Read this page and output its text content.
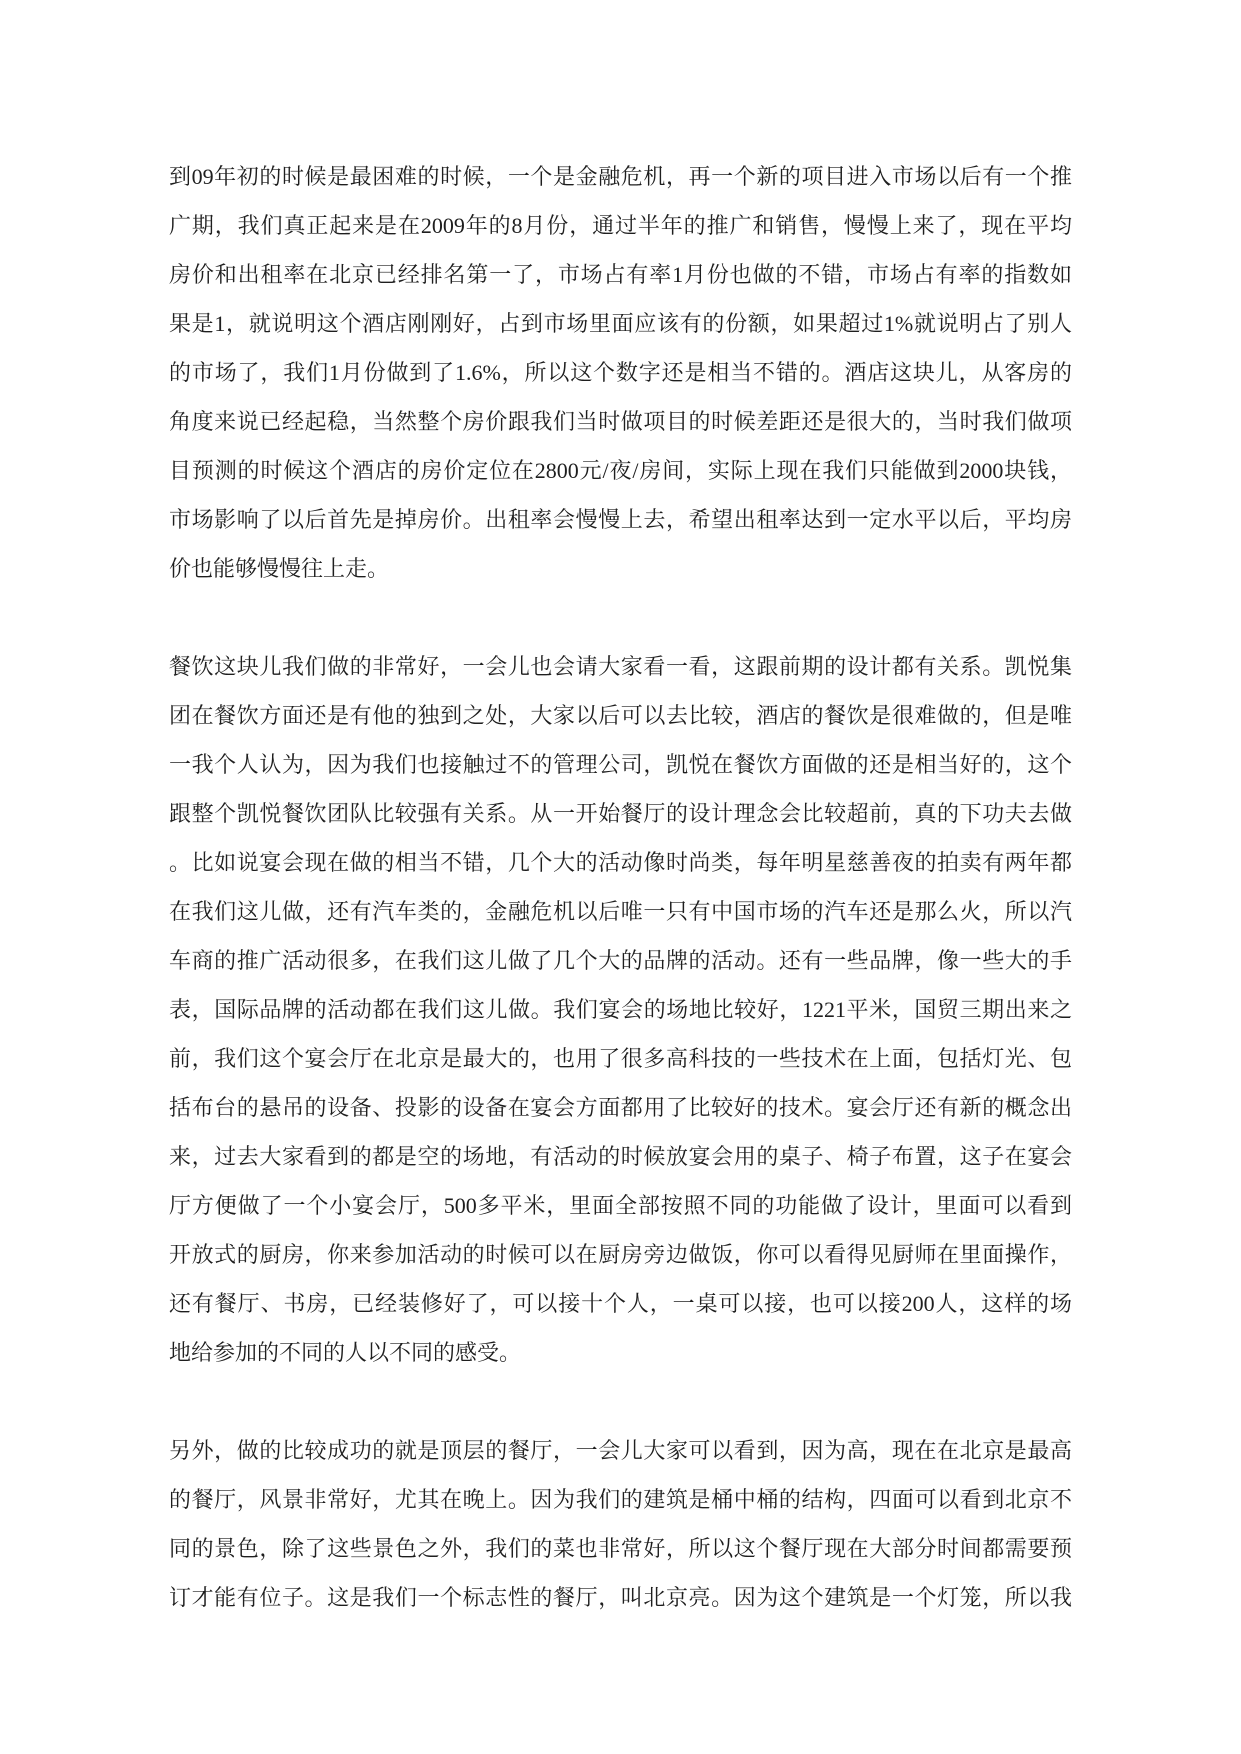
到09年初的时候是最困难的时候，一个是金融危机，再一个新的项目进入市场以后有一个推
广期，我们真正起来是在2009年的8月份，通过半年的推广和销售，慢慢上来了，现在平均
房价和出租率在北京已经排名第一了，市场占有率1月份也做的不错，市场占有率的指数如
果是1，就说明这个酒店刚刚好，占到市场里面应该有的份额，如果超过1%就说明占了别人
的市场了，我们1月份做到了1.6%，所以这个数字还是相当不错的。酒店这块儿，从客房的
角度来说已经起稳，当然整个房价跟我们当时做项目的时候差距还是很大的，当时我们做项
目预测的时候这个酒店的房价定位在2800元/夜/房间，实际上现在我们只能做到2000块钱，
市场影响了以后首先是掉房价。出租率会慢慢上去，希望出租率达到一定水平以后，平均房
价也能够慢慢往上走。
餐饮这块儿我们做的非常好，一会儿也会请大家看一看，这跟前期的设计都有关系。凯悦集
团在餐饮方面还是有他的独到之处，大家以后可以去比较，酒店的餐饮是很难做的，但是唯
一我个人认为，因为我们也接触过不的管理公司，凯悦在餐饮方面做的还是相当好的，这个
跟整个凯悦餐饮团队比较强有关系。从一开始餐厅的设计理念会比较超前，真的下功夫去做
。比如说宴会现在做的相当不错，几个大的活动像时尚类，每年明星慈善夜的拍卖有两年都
在我们这儿做，还有汽车类的，金融危机以后唯一只有中国市场的汽车还是那么火，所以汽
车商的推广活动很多，在我们这儿做了几个大的品牌的活动。还有一些品牌，像一些大的手
表，国际品牌的活动都在我们这儿做。我们宴会的场地比较好，1221平米，国贸三期出来之
前，我们这个宴会厅在北京是最大的，也用了很多高科技的一些技术在上面，包括灯光、包
括布台的悬吊的设备、投影的设备在宴会方面都用了比较好的技术。宴会厅还有新的概念出
来，过去大家看到的都是空的场地，有活动的时候放宴会用的桌子、椅子布置，这子在宴会
厅方便做了一个小宴会厅，500多平米，里面全部按照不同的功能做了设计，里面可以看到
开放式的厨房，你来参加活动的时候可以在厨房旁边做饭，你可以看得见厨师在里面操作，
还有餐厅、书房，已经装修好了，可以接十个人，一桌可以接，也可以接200人，这样的场
地给参加的不同的人以不同的感受。
另外，做的比较成功的就是顶层的餐厅，一会儿大家可以看到，因为高，现在在北京是最高
的餐厅，风景非常好，尤其在晚上。因为我们的建筑是桶中桶的结构，四面可以看到北京不
同的景色，除了这些景色之外，我们的菜也非常好，所以这个餐厅现在大部分时间都需要预
订才能有位子。这是我们一个标志性的餐厅，叫北京亮。因为这个建筑是一个灯笼，所以我
